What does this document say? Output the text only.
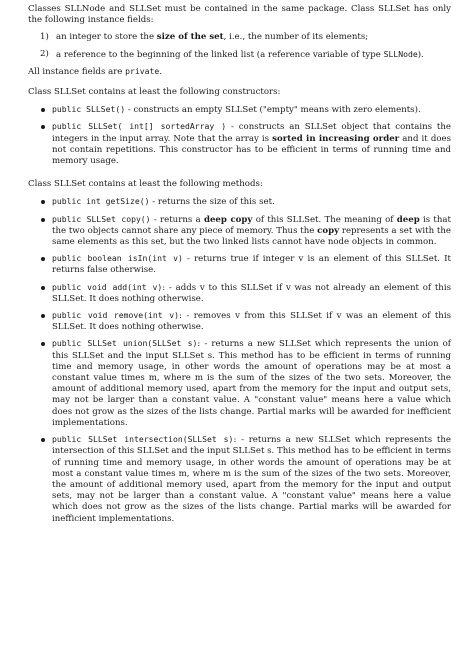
Classes SLLNode and SLLSet must be contained in the same package. Class SLLSet has only the following instance fields:

1) an integer to store the size of the set, i.e., the number of its elements;
2) a reference to the beginning of the linked list (a reference variable of type SLLNode).

All instance fields are private.

Class SLLSet contains at least the following constructors:

public SLLSet() - constructs an empty SLLSet ("empty" means with zero elements).
public SLLSet( int[] sortedArray ) - constructs an SLLSet object that contains the integers in the input array. Note that the array is sorted in increasing order and it does not contain repetitions. This constructor has to be efficient in terms of running time and memory usage.

Class SLLSet contains at least the following methods:

public int getSize() - returns the size of this set.
public SLLSet copy() - returns a deep copy of this SLLSet. The meaning of deep is that the two objects cannot share any piece of memory. Thus the copy represents a set with the same elements as this set, but the two linked lists cannot have node objects in common.
public boolean isIn(int v) - returns true if integer v is an element of this SLLSet. It returns false otherwise.
public void add(int v): - adds v to this SLLSet if v was not already an element of this SLLSet. It does nothing otherwise.
public void remove(int v): - removes v from this SLLSet if v was an element of this SLLSet. It does nothing otherwise.
public SLLSet union(SLLSet s): - returns a new SLLSet which represents the union of this SLLSet and the input SLLSet s. This method has to be efficient in terms of running time and memory usage, in other words the amount of operations may be at most a constant value times m, where m is the sum of the sizes of the two sets. Moreover, the amount of additional memory used, apart from the memory for the input and output sets, may not be larger than a constant value. A "constant value" means here a value which does not grow as the sizes of the lists change. Partial marks will be awarded for inefficient implementations.
public SLLSet intersection(SLLSet s): - returns a new SLLSet which represents the intersection of this SLLSet and the input SLLSet s. This method has to be efficient in terms of running time and memory usage, in other words the amount of operations may be at most a constant value times m, where m is the sum of the sizes of the two sets. Moreover, the amount of additional memory used, apart from the memory for the input and output sets, may not be larger than a constant value. A "constant value" means here a value which does not grow as the sizes of the lists change. Partial marks will be awarded for inefficient implementations.
